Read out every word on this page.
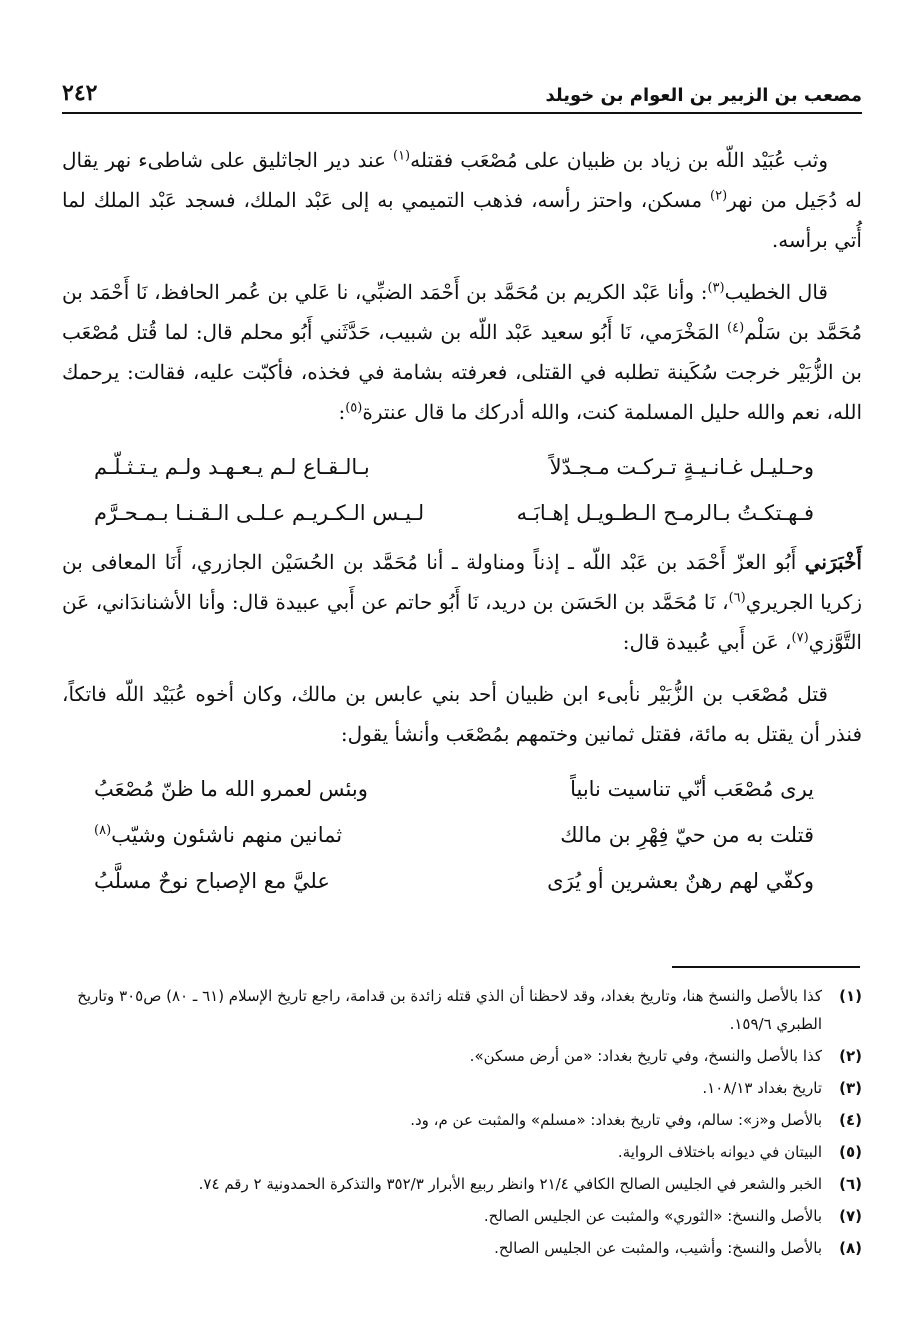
مصعب بن الزبير بن العوام بن خويلد
٢٤٢

وثب عُبَيْد اللّه بن زياد بن ظبيان على مُصْعَب فقتله$^{(١)}$ عند دير الجاثليق على شاطىء نهر يقال له دُجَيل من نهر$^{(٢)}$ مسكن، واحتز رأسه، فذهب التميمي به إلى عَبْد الملك، فسجد عَبْد الملك لما أُتي برأسه.

قال الخطيب$^{(٣)}$: وأنا عَبْد الكريم بن مُحَمَّد بن أَحْمَد الضبِّي، نا عَلي بن عُمر الحافظ، نَا أَحْمَد بن مُحَمَّد بن سَلْم$^{(٤)}$ المَخْرَمي، نَا أَبُو سعيد عَبْد اللّه بن شبيب، حَدَّثَني أَبُو محلم قال: لما قُتل مُصْعَب بن الزُّبَيْر خرجت سُكَينة تطلبه في القتلى، فعرفته بشامة في فخذه، فأكبّت عليه، فقالت: يرحمك الله، نعم والله حليل المسلمة كنت، والله أدركك ما قال عنترة$^{(٥)}$:

وحـليـل غـانـيـةٍ تـركـت مـجـدّلاً
بـالـقـاع لـم يـعـهـد ولـم يـتـثـلّـم
فـهـتكـتُ بـالرمـح الـطـويـل إهـابَـه
لـيـس الـكـريـم عـلـى الـقـنـا بـمـحـرَّم

أَخْبَرَني أَبُو العزّ أَحْمَد بن عَبْد اللّه ـ إذناً ومناولة ـ أنا مُحَمَّد بن الحُسَيْن الجازري، أَنَا المعافى بن زكريا الجريري$^{(٦)}$، نَا مُحَمَّد بن الحَسَن بن دريد، نَا أَبُو حاتم عن أَبي عبيدة قال: وأنا الأشناندَاني، عَن التَّوَّزي$^{(٧)}$، عَن أَبي عُبيدة قال:

قتل مُصْعَب بن الزُّبَيْر نأبىء ابن ظبيان أحد بني عابس بن مالك، وكان أخوه عُبَيْد اللّه فاتكاً، فنذر أن يقتل به مائة، فقتل ثمانين وختمهم بمُصْعَب وأنشأ يقول:

يرى مُصْعَب أنّي تناسيت نابياً
وبئس لعمرو الله ما ظنّ مُصْعَبُ
قتلت به من حيّ فِهْرِ بن مالك
ثمانين منهم ناشئون وشيّب$^{(٨)}$
وكفّي لهم رهنٌ بعشرين أو يُرَى
عليَّ مع الإصباح نوحٌ مسلَّبُ
(١)
كذا بالأصل والنسخ هنا، وتاريخ بغداد، وقد لاحظنا أن الذي قتله زائدة بن قدامة، راجع تاريخ الإسلام (٦١ ـ ٨٠) ص٣٠٥ وتاريخ الطبري ١٥٩/٦.
(٢)
كذا بالأصل والنسخ، وفي تاريخ بغداد: «من أرض مسكن».
(٣)
تاريخ بغداد ١٠٨/١٣.
(٤)
بالأصل و«ز»: سالم، وفي تاريخ بغداد: «مسلم» والمثبت عن م، ود.
(٥)
البيتان في ديوانه باختلاف الرواية.
(٦)
الخبر والشعر في الجليس الصالح الكافي ٢١/٤ وانظر ربيع الأبرار ٣٥٢/٣ والتذكرة الحمدونية ٢ رقم ٧٤.
(٧)
بالأصل والنسخ: «الثوري» والمثبت عن الجليس الصالح.
(٨)
بالأصل والنسخ: وأشيب، والمثبت عن الجليس الصالح.
